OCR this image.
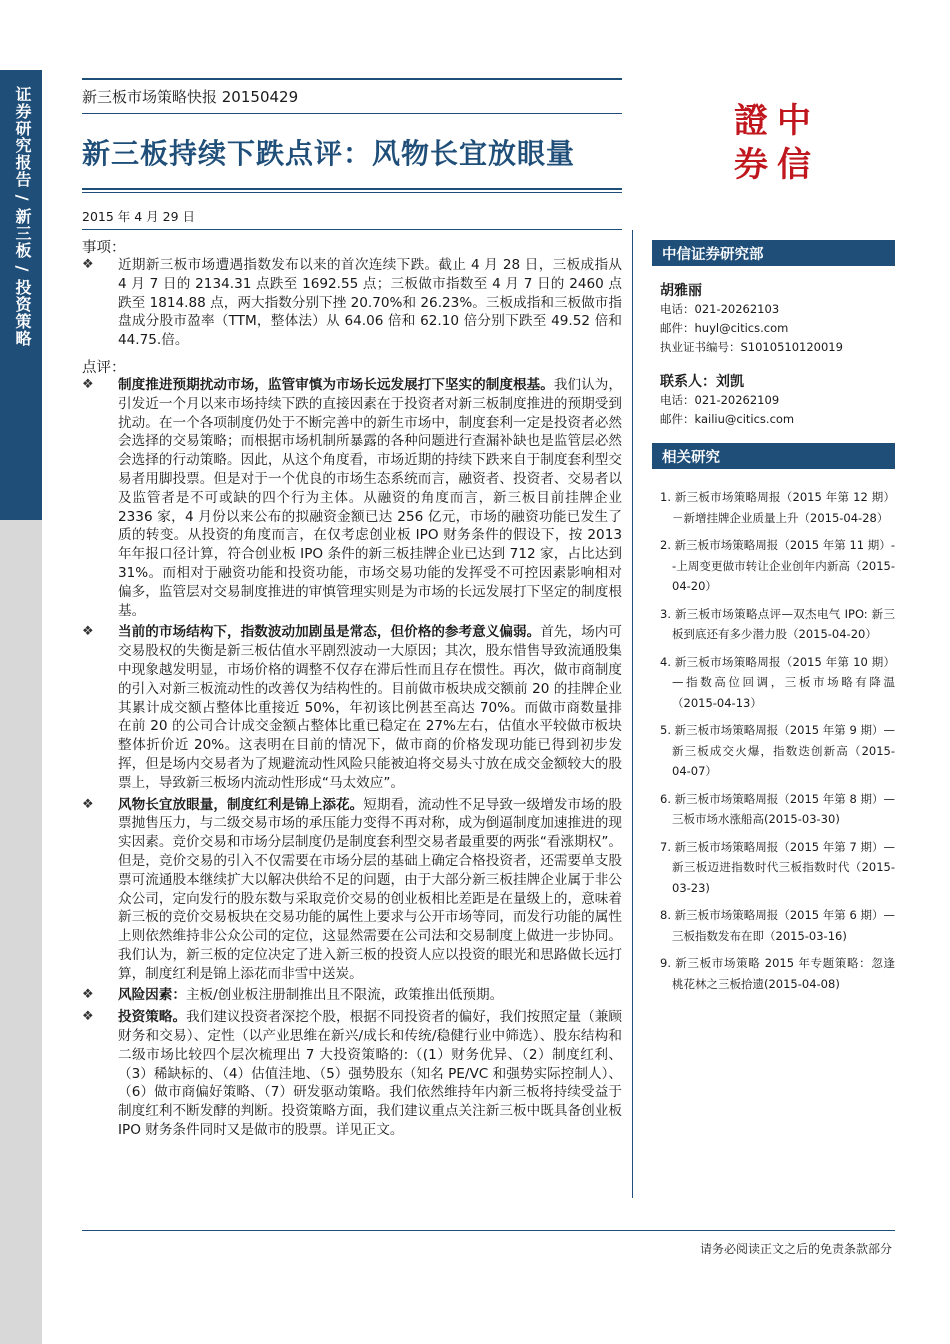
证券研究报告 / 新三板 / 投资策略	新三板市场策略快报 20150429
新三板持续下跌点评：风物长宜放眼量
2015 年 4 月 29 日
事项：
❖ 近期新三板市场遭遇指数发布以来的首次连续下跌。截止 4 月 28 日，三板成指从 4 月 7 日的 2134.31 点跌至 1692.55 点；三板做市指数至 4 月 7 日的 2460 点跌至 1814.88 点，两大指数分别下挫 20.70%和 26.23%。三板成指和三板做市指盘成分股市盈率（TTM，整体法）从 64.06 倍和 62.10 倍分别下跌至 49.52 倍和 44.75.倍。
点评：
❖ 制度推进预期扰动市场，监管审慎为市场长远发展打下坚实的制度根基。我们认为，引发近一个月以来市场持续下跌的直接因素在于投资者对新三板制度推进的预期受到扰动。在一个各项制度仍处于不断完善中的新生市场中，制度套利一定是投资者必然会选择的交易策略；而根据市场机制所暴露的各种问题进行查漏补缺也是监管层必然会选择的行动策略。因此，从这个角度看，市场近期的持续下跌来自于制度套利型交易者用脚投票。但是对于一个优良的市场生态系统而言，融资者、投资者、交易者以及监管者是不可或缺的四个行为主体。从融资的角度而言，新三板目前挂牌企业 2336 家，4 月份以来公布的拟融资金额已达 256 亿元，市场的融资功能已发生了质的转变。从投资的角度而言，在仅考虑创业板 IPO 财务条件的假设下，按 2013 年年报口径计算，符合创业板 IPO 条件的新三板挂牌企业已达到 712 家，占比达到 31%。而相对于融资功能和投资功能，市场交易功能的发挥受不可控因素影响相对偏多，监管层对交易制度推进的审慎管理实则是为市场的长远发展打下坚定的制度根基。
❖ 当前的市场结构下，指数波动加剧虽是常态，但价格的参考意义偏弱。首先，场内可交易股权的失衡是新三板估值水平剧烈波动一大原因；其次，股东惜售导致流通股集中现象越发明显，市场价格的调整不仅存在滞后性而且存在惯性。再次，做市商制度的引入对新三板流动性的改善仅为结构性的。目前做市板块成交额前 20 的挂牌企业其累计成交额占整体比重接近 50%，年初该比例甚至高达 70%。而做市商数量排在前 20 的公司合计成交金额占整体比重已稳定在 27%左右，估值水平较做市板块整体折价近 20%。这表明在目前的情况下，做市商的价格发现功能已得到初步发挥，但是场内交易者为了规避流动性风险只能被迫将交易头寸放在成交金额较大的股票上，导致新三板场内流动性形成“马太效应”。
❖ 风物长宜放眼量，制度红利是锦上添花。短期看，流动性不足导致一级增发市场的股票抛售压力，与二级交易市场的承压能力变得不再对称，成为倒逼制度加速推进的现实因素。竞价交易和市场分层制度仍是制度套利型交易者最重要的两张“看涨期权”。但是，竞价交易的引入不仅需要在市场分层的基础上确定合格投资者，还需要单支股票可流通股本继续扩大以解决供给不足的问题，由于大部分新三板挂牌企业属于非公众公司，定向发行的股东数与采取竞价交易的创业板相比差距是在量级上的，意味着新三板的竞价交易板块在交易功能的属性上要求与公开市场等同，而发行功能的属性上则依然维持非公众公司的定位，这显然需要在公司法和交易制度上做进一步协同。我们认为，新三板的定位决定了进入新三板的投资人应以投资的眼光和思路做长远打算，制度红利是锦上添花而非雪中送炭。
❖ 风险因素：主板/创业板注册制推出且不限流，政策推出低预期。
❖ 投资策略。我们建议投资者深挖个股，根据不同投资者的偏好，我们按照定量（兼顾财务和交易）、定性（以产业思维在新兴/成长和传统/稳健行业中筛选）、股东结构和二级市场比较四个层次梳理出 7 大投资策略的:（(1）财务优异、（2）制度红利、（3）稀缺标的、（4）估值洼地、（5）强势股东（知名 PE/VC 和强势实际控制人）、（6）做市商偏好策略、（7）研发驱动策略。我们依然维持年内新三板将持续受益于制度红利不断发酵的判断。投资策略方面，我们建议重点关注新三板中既具备创业板 IPO 财务条件同时又是做市的股票。详见正文。
證 中
券 信
中信证券研究部
胡雅丽
电话：021-20262103
邮件：huyl@citics.com
执业证书编号：S1010510120019
联系人：刘凯
电话：021-20262109
邮件：kailiu@citics.com
相关研究
1. 新三板市场策略周报（2015 年第 12 期）－新增挂牌企业质量上升（2015-04-28）
2. 新三板市场策略周报（2015 年第 11 期）--上周变更做市转让企业创年内新高（2015-04-20）
3. 新三板市场策略点评—双杰电气 IPO: 新三板到底还有多少潜力股（2015-04-20）
4. 新三板市场策略周报（2015 年第 10 期）—指数高位回调，三板市场略有降温（2015-04-13）
5. 新三板市场策略周报（2015 年第 9 期）—新三板成交火爆，指数迭创新高（2015-04-07）
6. 新三板市场策略周报（2015 年第 8 期）—三板市场水涨船高(2015-03-30)
7. 新三板市场策略周报（2015 年第 7 期）—新三板迈进指数时代三板指数时代（2015-03-23)
8. 新三板市场策略周报（2015 年第 6 期）—三板指数发布在即（2015-03-16)
9. 新三板市场策略 2015 年专题策略：忽逢桃花林之三板拾遗(2015-04-08)
请务必阅读正文之后的免责条款部分
